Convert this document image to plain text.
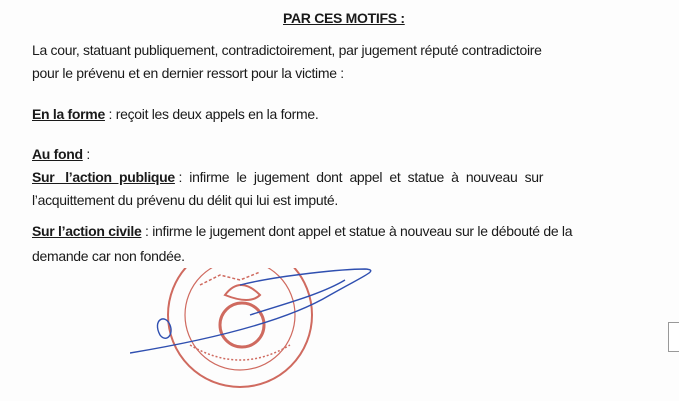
PAR CES MOTIFS :
La cour, statuant publiquement, contradictoirement, par jugement réputé contradictoire
pour le prévenu et en dernier ressort pour la victime :
En la forme : reçoit les deux appels en la forme.
Au fond :
Sur   l’action  publique :  infirme  le  jugement  dont  appel  et  statue  à  nouveau  sur
l’acquittement du prévenu du délit qui lui est imputé.
Sur l’action civile : infirme le jugement dont appel et statue à nouveau sur le débouté de la
demande car non fondée.
